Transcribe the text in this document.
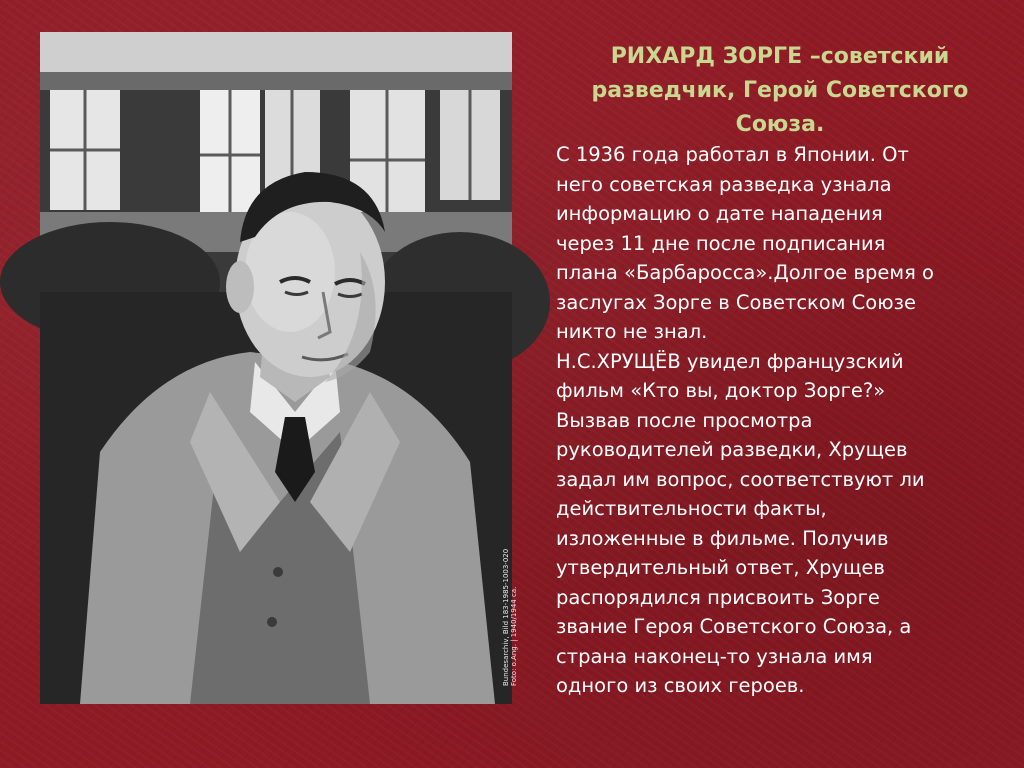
Bundesarchiv, Bild 183-1985-1003-020 Foto: o.Ang. | 1940/1944 ca.
РИХАРД ЗОРГЕ –советский
разведчик, Герой Советского
Союза.

С 1936 года работал в Японии. От
него советская разведка узнала
информацию о дате нападения
через 11 дне после подписания
плана «Барбаросса».Долгое время о
заслугах Зорге в Советском Союзе
никто не знал.
Н.С.ХРУЩЁВ увидел французский
фильм «Кто вы, доктор Зорге?»
Вызвав после просмотра
руководителей разведки, Хрущев
задал им вопрос, соответствуют ли
действительности факты,
изложенные в фильме. Получив
утвердительный ответ, Хрущев
распорядился присвоить Зорге
звание Героя Советского Союза, а
страна наконец-то узнала имя
одного из своих героев.
